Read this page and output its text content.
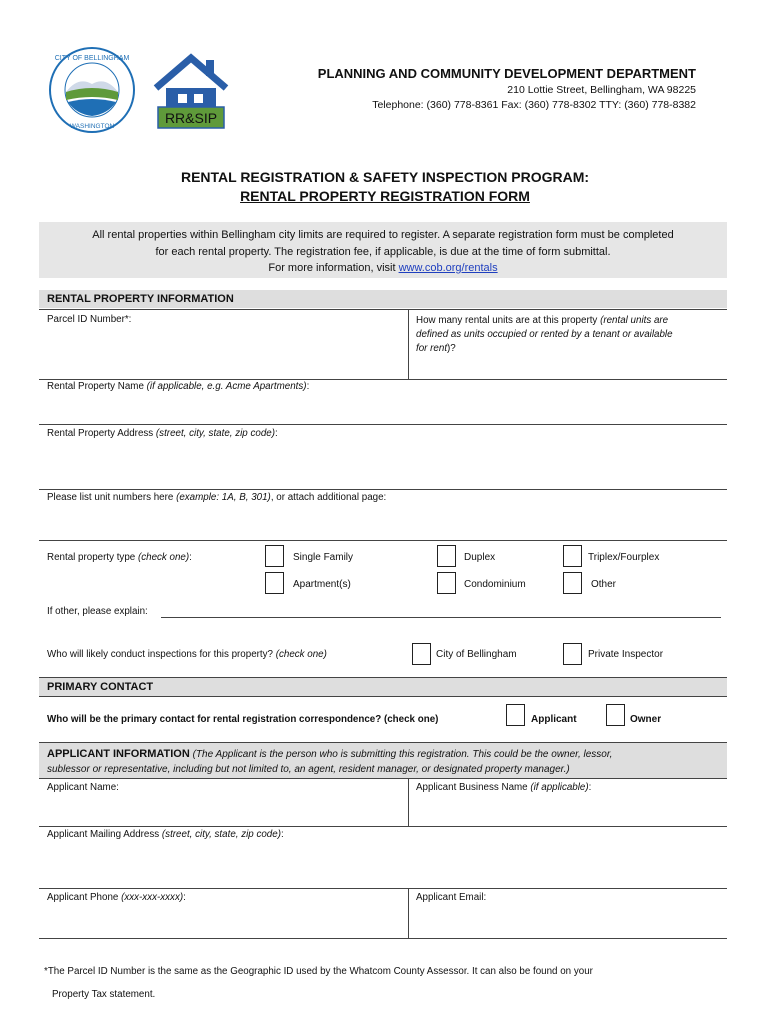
CITY OF BELLINGHAM
WASHINGTON
RR&SIP
PLANNING AND COMMUNITY DEVELOPMENT DEPARTMENT
210 Lottie Street, Bellingham, WA 98225
Telephone: (360) 778-8361 Fax: (360) 778-8302 TTY: (360) 778-8382
RENTAL REGISTRATION & SAFETY INSPECTION PROGRAM:
RENTAL PROPERTY REGISTRATION FORM
All rental properties within Bellingham city limits are required to register. A separate registration form must be completed
for each rental property. The registration fee, if applicable, is due at the time of form submittal.
For more information, visit www.cob.org/rentals
RENTAL PROPERTY INFORMATION
Parcel ID Number*:	How many rental units are at this property (rental units are
defined as units occupied or rented by a tenant or available
for rent)?
Rental Property Name (if applicable, e.g. Acme Apartments):
Rental Property Address (street, city, state, zip code):
Please list unit numbers here (example: 1A, B, 301), or attach additional page:
Rental property type (check one):	Single Family	Duplex	Triplex/Fourplex
Apartment(s)	Condominium	Other
If other, please explain:
Who will likely conduct inspections for this property? (check one)	City of Bellingham	Private Inspector
PRIMARY CONTACT
Who will be the primary contact for rental registration correspondence? (check one)	Applicant	Owner
APPLICANT INFORMATION (The Applicant is the person who is submitting this registration. This could be the owner, lessor,
sublessor or representative, including but not limited to, an agent, resident manager, or designated property manager.)
Applicant Name:	Applicant Business Name (if applicable):
Applicant Mailing Address (street, city, state, zip code):
Applicant Phone (xxx-xxx-xxxx):	Applicant Email:
*The Parcel ID Number is the same as the Geographic ID used by the Whatcom County Assessor. It can also be found on your
Property Tax statement.
